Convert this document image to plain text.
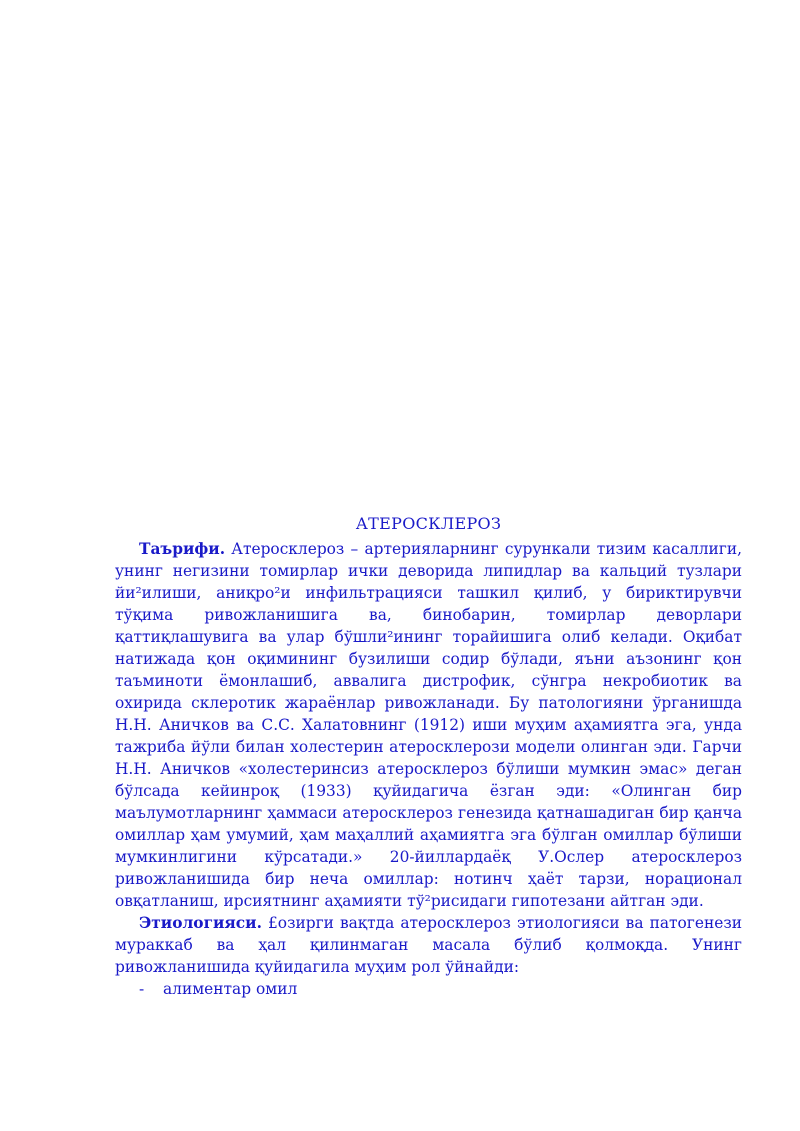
АТЕРОСКЛЕРОЗ

Таърифи. Атеросклероз – артерияларнинг сурункали тизим касаллиги, унинг негизини томирлар ички деворида липидлар ва кальций тузлари йи²илиши, аниқро²и инфильтрацияси ташкил қилиб, у бириктирувчи тўқима ривожланишига ва, бинобарин, томирлар деворлари қаттиқлашувига ва улар бўшли²ининг торайишига олиб келади. Оқибат натижада қон оқимининг бузилиши содир бўлади, яъни аъзонинг қон таъминоти ёмонлашиб, аввалига дистрофик, сўнгра некробиотик ва охирида склеротик жараёнлар ривожланади. Бу патологияни ўрганишда Н.Н. Аничков ва С.С. Халатовнинг (1912) иши муҳим аҳамиятга эга, унда тажриба йўли билан холестерин атеросклерози модели олинган эди. Гарчи Н.Н. Аничков «холестеринсиз атеросклероз бўлиши мумкин эмас» деган бўлсада кейинроқ (1933) қуйидагича ёзган эди: «Олинган бир маълумотларнинг ҳаммаси атеросклероз генезида қатнашадиган бир қанча омиллар ҳам умумий, ҳам маҳаллий аҳамиятга эга бўлган омиллар бўлиши мумкинлигини кўрсатади.» 20-йиллардаёқ У.Ослер атеросклероз ривожланишида бир неча омиллар: нотинч ҳаёт тарзи, норационал овқатланиш, ирсиятнинг аҳамияти тў²рисидаги гипотезани айтган эди.

Этиологияси. £озирги вақтда атеросклероз этиологияси ва патогенези мураккаб ва ҳал қилинмаган масала бўлиб қолмоқда. Унинг ривожланишида қуйидагила муҳим рол ўйнайди:

-	алиментар омил
